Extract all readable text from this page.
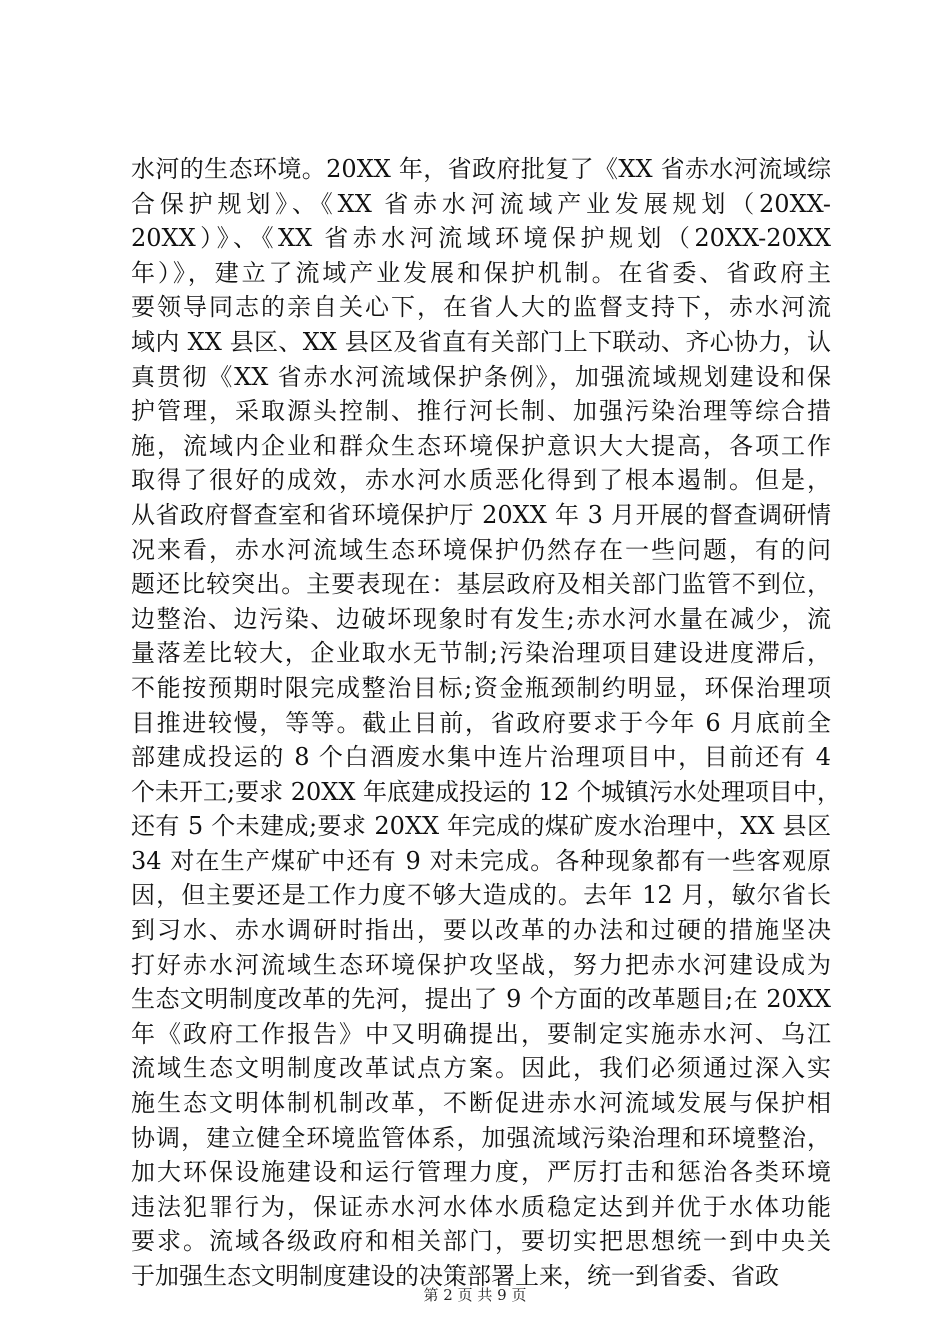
水河的生态环境。20XX 年，省政府批复了《XX 省赤水河流域综
合保护规划》、《XX 省赤水河流域产业发展规划（20XX-
20XX）》、《XX 省赤水河流域环境保护规划（20XX-20XX
年）》，建立了流域产业发展和保护机制。在省委、省政府主
要领导同志的亲自关心下，在省人大的监督支持下，赤水河流
域内 XX 县区、XX 县区及省直有关部门上下联动、齐心协力，认
真贯彻《XX 省赤水河流域保护条例》，加强流域规划建设和保
护管理，采取源头控制、推行河长制、加强污染治理等综合措
施，流域内企业和群众生态环境保护意识大大提高，各项工作
取得了很好的成效，赤水河水质恶化得到了根本遏制。但是，
从省政府督查室和省环境保护厅 20XX 年 3 月开展的督查调研情
况来看，赤水河流域生态环境保护仍然存在一些问题，有的问
题还比较突出。主要表现在：基层政府及相关部门监管不到位，
边整治、边污染、边破坏现象时有发生;赤水河水量在减少，流
量落差比较大，企业取水无节制;污染治理项目建设进度滞后，
不能按预期时限完成整治目标;资金瓶颈制约明显，环保治理项
目推进较慢，等等。截止目前，省政府要求于今年 6 月底前全
部建成投运的 8 个白酒废水集中连片治理项目中，目前还有 4
个未开工;要求 20XX 年底建成投运的 12 个城镇污水处理项目中，
还有 5 个未建成;要求 20XX 年完成的煤矿废水治理中，XX 县区
34 对在生产煤矿中还有 9 对未完成。各种现象都有一些客观原
因，但主要还是工作力度不够大造成的。去年 12 月，敏尔省长
到习水、赤水调研时指出，要以改革的办法和过硬的措施坚决
打好赤水河流域生态环境保护攻坚战，努力把赤水河建设成为
生态文明制度改革的先河，提出了 9 个方面的改革题目;在 20XX
年《政府工作报告》中又明确提出，要制定实施赤水河、乌江
流域生态文明制度改革试点方案。因此，我们必须通过深入实
施生态文明体制机制改革，不断促进赤水河流域发展与保护相
协调，建立健全环境监管体系，加强流域污染治理和环境整治，
加大环保设施建设和运行管理力度，严厉打击和惩治各类环境
违法犯罪行为，保证赤水河水体水质稳定达到并优于水体功能
要求。流域各级政府和相关部门，要切实把思想统一到中央关
于加强生态文明制度建设的决策部署上来，统一到省委、省政
第 2 页 共 9 页
